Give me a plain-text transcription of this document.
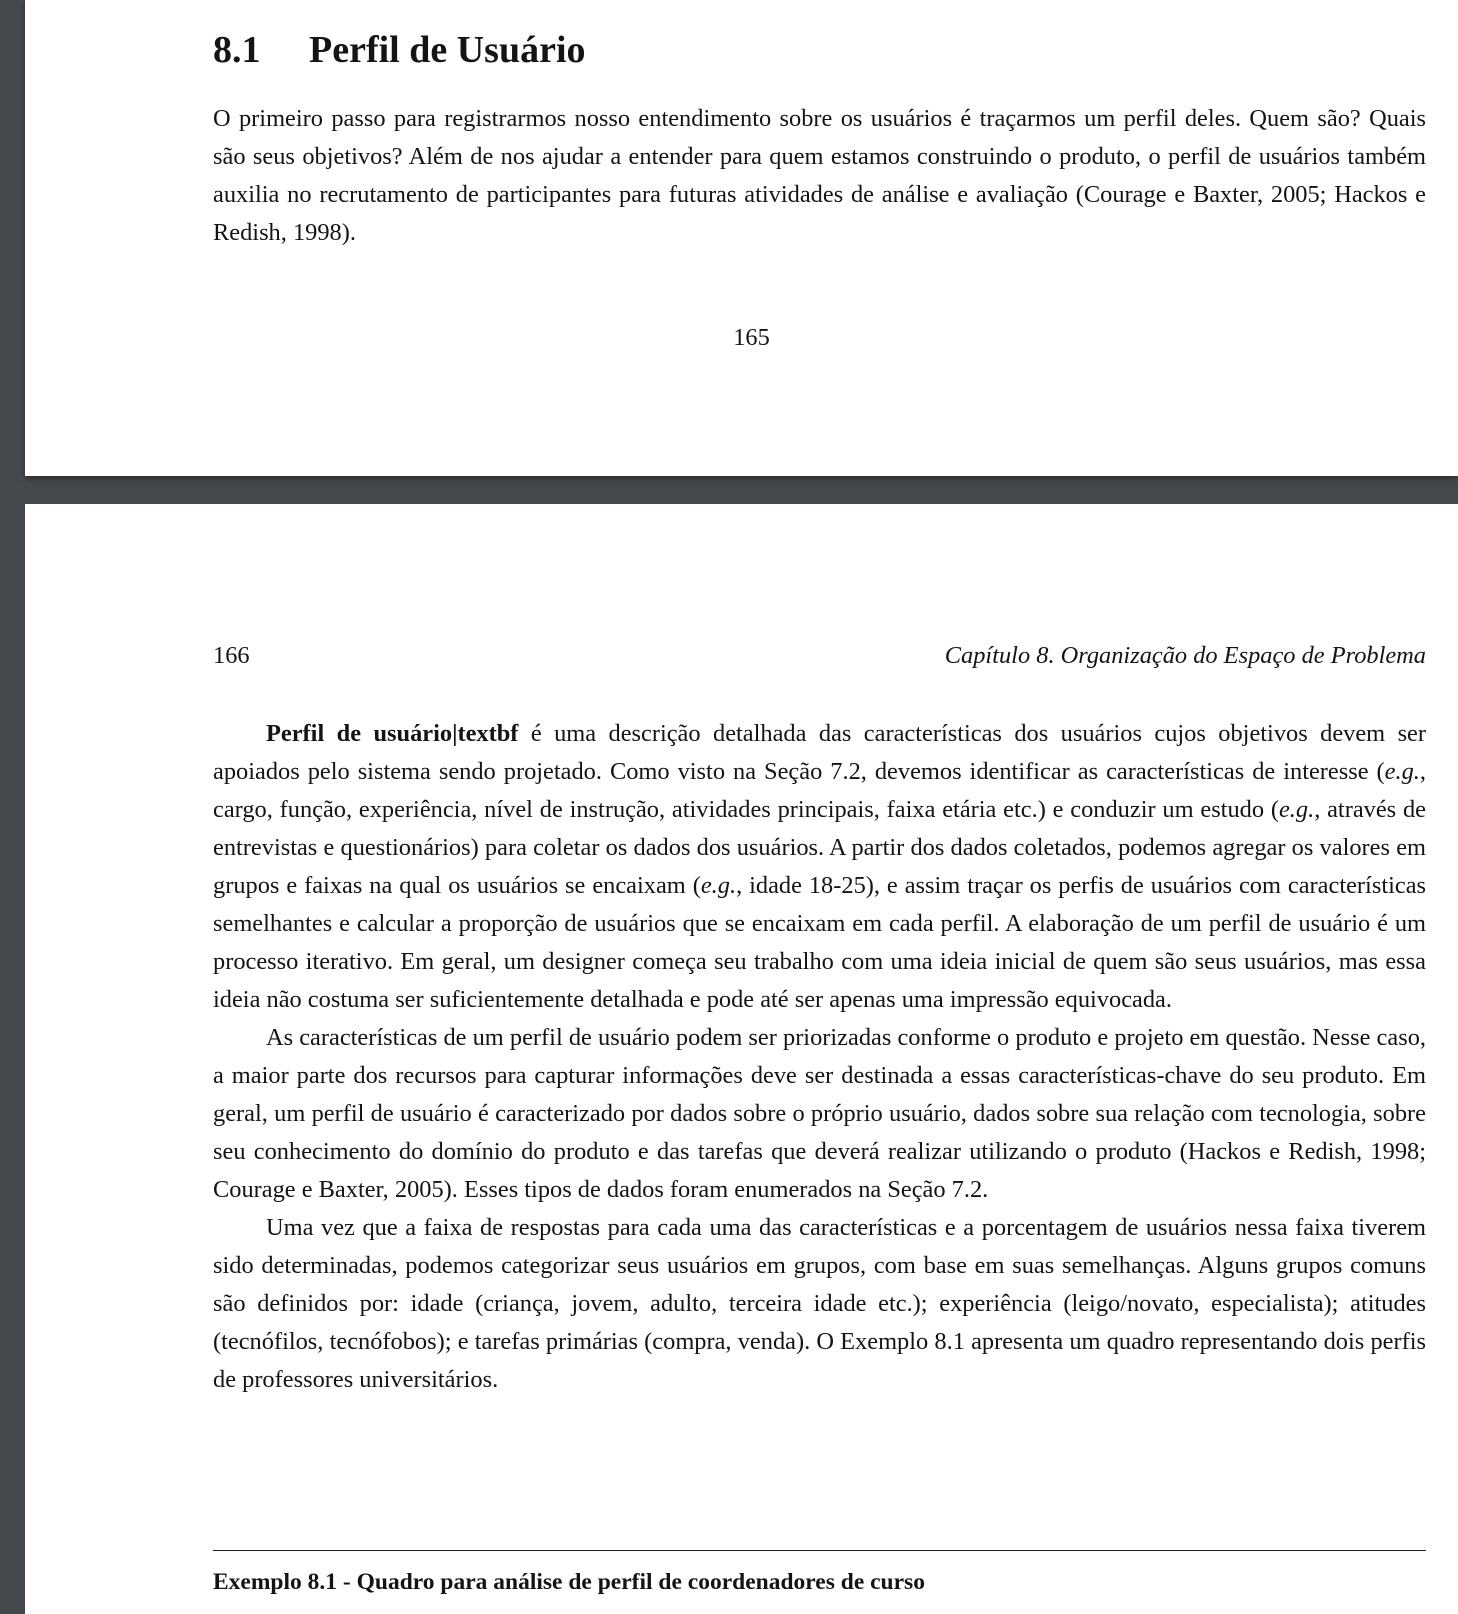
8.1 Perfil de Usuário

O primeiro passo para registrarmos nosso entendimento sobre os usuários é traçarmos um perfil deles. Quem são? Quais são seus objetivos? Além de nos ajudar a entender para quem estamos construindo o produto, o perfil de usuários também auxilia no recrutamento de participantes para futuras atividades de análise e avaliação (Courage e Baxter, 2005; Hackos e Redish, 1998).

165
166	Capítulo 8. Organização do Espaço de Problema

Perfil de usuário|textbf é uma descrição detalhada das características dos usuários cujos objetivos devem ser apoiados pelo sistema sendo projetado. Como visto na Seção 7.2, devemos identificar as características de interesse (e.g., cargo, função, experiência, nível de instrução, atividades principais, faixa etária etc.) e conduzir um estudo (e.g., através de entrevistas e questionários) para coletar os dados dos usuários. A partir dos dados coletados, podemos agregar os valores em grupos e faixas na qual os usuários se encaixam (e.g., idade 18-25), e assim traçar os perfis de usuários com características semelhantes e calcular a proporção de usuários que se encaixam em cada perfil. A elaboração de um perfil de usuário é um processo iterativo. Em geral, um designer começa seu trabalho com uma ideia inicial de quem são seus usuários, mas essa ideia não costuma ser suficientemente detalhada e pode até ser apenas uma impressão equivocada.

As características de um perfil de usuário podem ser priorizadas conforme o produto e projeto em questão. Nesse caso, a maior parte dos recursos para capturar informações deve ser destinada a essas características-chave do seu produto. Em geral, um perfil de usuário é caracterizado por dados sobre o próprio usuário, dados sobre sua relação com tecnologia, sobre seu conhecimento do domínio do produto e das tarefas que deverá realizar utilizando o produto (Hackos e Redish, 1998; Courage e Baxter, 2005). Esses tipos de dados foram enumerados na Seção 7.2.

Uma vez que a faixa de respostas para cada uma das características e a porcentagem de usuários nessa faixa tiverem sido determinadas, podemos categorizar seus usuários em grupos, com base em suas semelhanças. Alguns grupos comuns são definidos por: idade (criança, jovem, adulto, terceira idade etc.); experiência (leigo/novato, especialista); atitudes (tecnófilos, tecnófobos); e tarefas primárias (compra, venda). O Exemplo 8.1 apresenta um quadro representando dois perfis de professores universitários.

Exemplo 8.1 - Quadro para análise de perfil de coordenadores de curso
